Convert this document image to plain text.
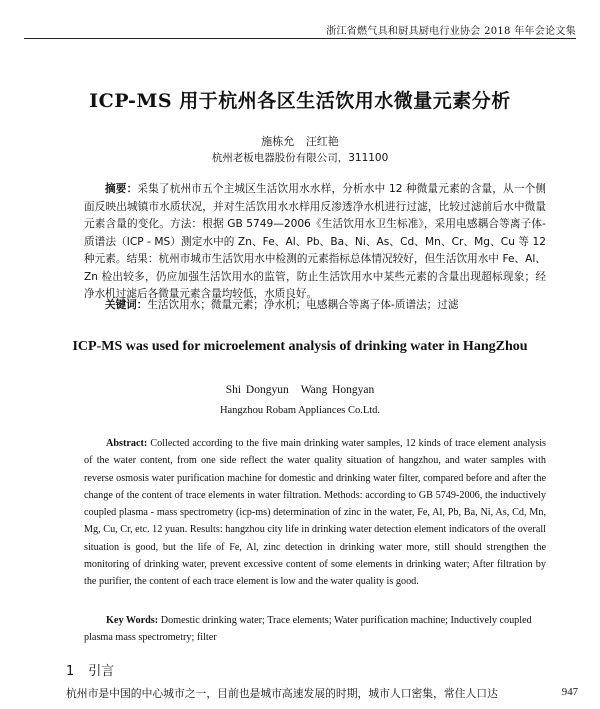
浙江省燃气具和厨具厨电行业协会 2018 年年会论文集
ICP-MS 用于杭州各区生活饮用水微量元素分析
施栋允 汪红艳
杭州老板电器股份有限公司，311100
摘要：采集了杭州市五个主城区生活饮用水水样，分析水中 12 种微量元素的含量，从一个侧面反映出城镇市水质状况，并对生活饮用水水样用反渗透净水机进行过滤，比较过滤前后水中微量元素含量的变化。方法：根据 GB 5749—2006《生活饮用水卫生标准》，采用电感耦合等离子体-质谱法（ICP - MS）测定水中的 Zn、Fe、Al、Pb、Ba、Ni、As、Cd、Mn、Cr、Mg、Cu 等 12 种元素。结果：杭州市城市生活饮用水中检测的元素指标总体情况较好，但生活饮用水中 Fe、Al、Zn 检出较多，仍应加强生活饮用水的监管，防止生活饮用水中某些元素的含量出现超标现象；经净水机过滤后各微量元素含量均较低，水质良好。
关键词：生活饮用水；微量元素；净水机；电感耦合等离子体-质谱法；过滤
ICP-MS was used for microelement analysis of drinking water in HangZhou
Shi Dongyun Wang Hongyan
Hangzhou Robam Appliances Co.Ltd.
Abstract: Collected according to the five main drinking water samples, 12 kinds of trace element analysis of the water content, from one side reflect the water quality situation of hangzhou, and water samples with reverse osmosis water purification machine for domestic and drinking water filter, compared before and after the change of the content of trace elements in water filtration. Methods: according to GB 5749-2006, the inductively coupled plasma - mass spectrometry (icp-ms) determination of zinc in the water, Fe, Al, Pb, Ba, Ni, As, Cd, Mn, Mg, Cu, Cr, etc. 12 yuan. Results: hangzhou city life in drinking water detection element indicators of the overall situation is good, but the life of Fe, Al, zinc detection in drinking water more, still should strengthen the monitoring of drinking water, prevent excessive content of some elements in drinking water; After filtration by the purifier, the content of each trace element is low and the water quality is good.
Key Words: Domestic drinking water; Trace elements; Water purification machine; Inductively coupled plasma mass spectrometry; filter
1 引言
杭州市是中国的中心城市之一，目前也是城市高速发展的时期，城市人口密集，常住人口达	947
